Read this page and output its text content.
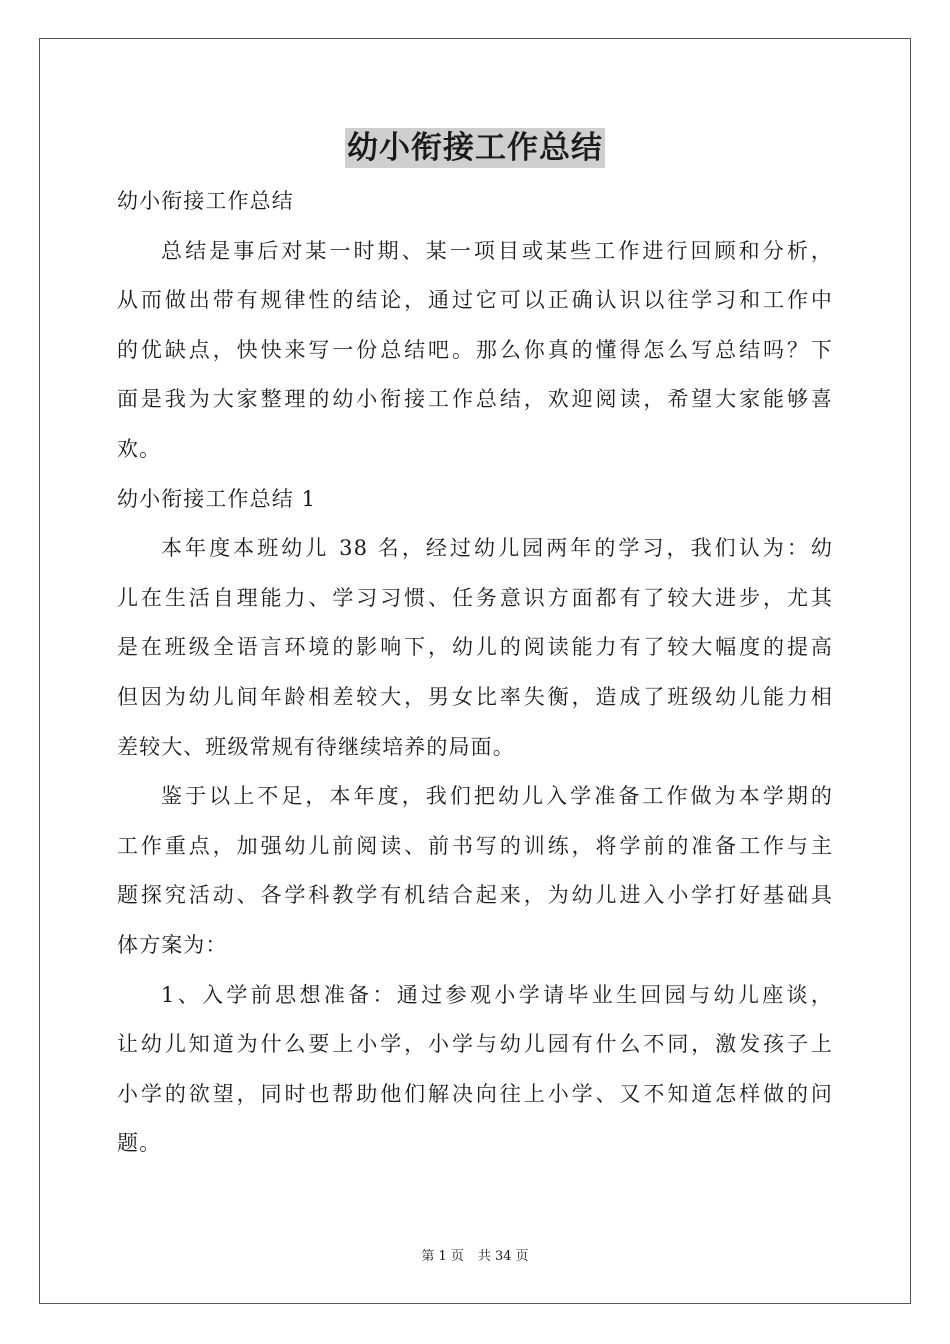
幼小衔接工作总结

幼小衔接工作总结

总结是事后对某一时期、某一项目或某些工作进行回顾和分析，

从而做出带有规律性的结论，通过它可以正确认识以往学习和工作中

的优缺点，快快来写一份总结吧。那么你真的懂得怎么写总结吗？下

面是我为大家整理的幼小衔接工作总结，欢迎阅读，希望大家能够喜

欢。

幼小衔接工作总结 1

本年度本班幼儿 38 名，经过幼儿园两年的学习，我们认为：幼

儿在生活自理能力、学习习惯、任务意识方面都有了较大进步，尤其

是在班级全语言环境的影响下，幼儿的阅读能力有了较大幅度的提高

但因为幼儿间年龄相差较大，男女比率失衡，造成了班级幼儿能力相

差较大、班级常规有待继续培养的局面。

鉴于以上不足，本年度，我们把幼儿入学准备工作做为本学期的

工作重点，加强幼儿前阅读、前书写的训练，将学前的准备工作与主

题探究活动、各学科教学有机结合起来，为幼儿进入小学打好基础具

体方案为：

1、入学前思想准备：通过参观小学请毕业生回园与幼儿座谈，

让幼儿知道为什么要上小学，小学与幼儿园有什么不同，激发孩子上

小学的欲望，同时也帮助他们解决向往上小学、又不知道怎样做的问

题。

第 1 页 共 34 页
